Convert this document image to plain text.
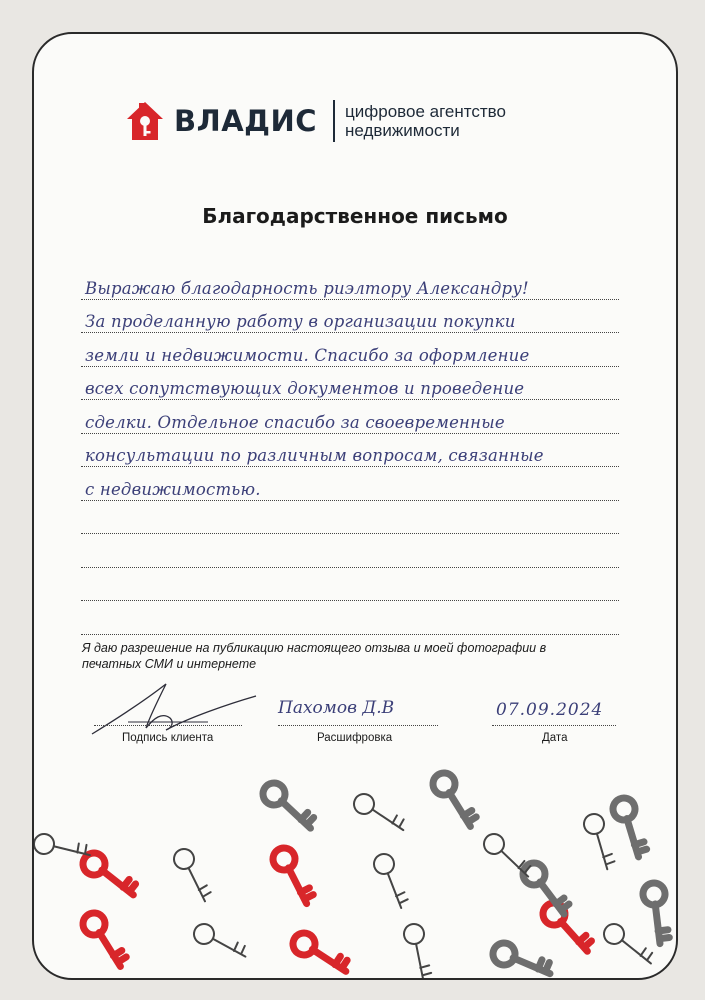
ВЛАДИС цифровое агентство
недвижимости
Благодарственное письмо
Выражаю благодарность риэлтору Александру!
За проделанную работу в организации покупки
земли и недвижимости. Спасибо за оформление
всех сопутствующих документов и проведение
сделки. Отдельное спасибо за своевременные
консультации по различным вопросам, связанные
с недвижимостью.
Я даю разрешение на публикацию настоящего отзыва и моей фотографии в печатных СМИ и интернете
Подпись клиента
Пахомов Д.В
Расшифровка
07.09.2024
Дата
